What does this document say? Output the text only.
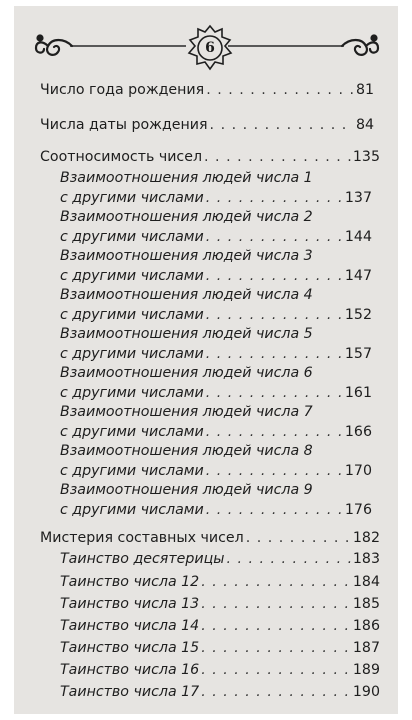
6
Число года рождения . . .	81
Числа даты рождения . . .	84
Соотносимость чисел . . .	135
Взаимоотношения людей числа 1
с другими числами . . .	137
Взаимоотношения людей числа 2
с другими числами . . .	144
Взаимоотношения людей числа 3
с другими числами . . .	147
Взаимоотношения людей числа 4
с другими числами . . .	152
Взаимоотношения людей числа 5
с другими числами . . .	157
Взаимоотношения людей числа 6
с другими числами . . .	161
Взаимоотношения людей числа 7
с другими числами . . .	166
Взаимоотношения людей числа 8
с другими числами . . .	170
Взаимоотношения людей числа 9
с другими числами . . .	176
Мистерия составных чисел . . .	182
Таинство десятерицы . . .	183
Таинство числа 12 . . .	184
Таинство числа 13 . . .	185
Таинство числа 14 . . .	186
Таинство числа 15 . . .	187
Таинство числа 16 . . .	189
Таинство числа 17 . . .	190
